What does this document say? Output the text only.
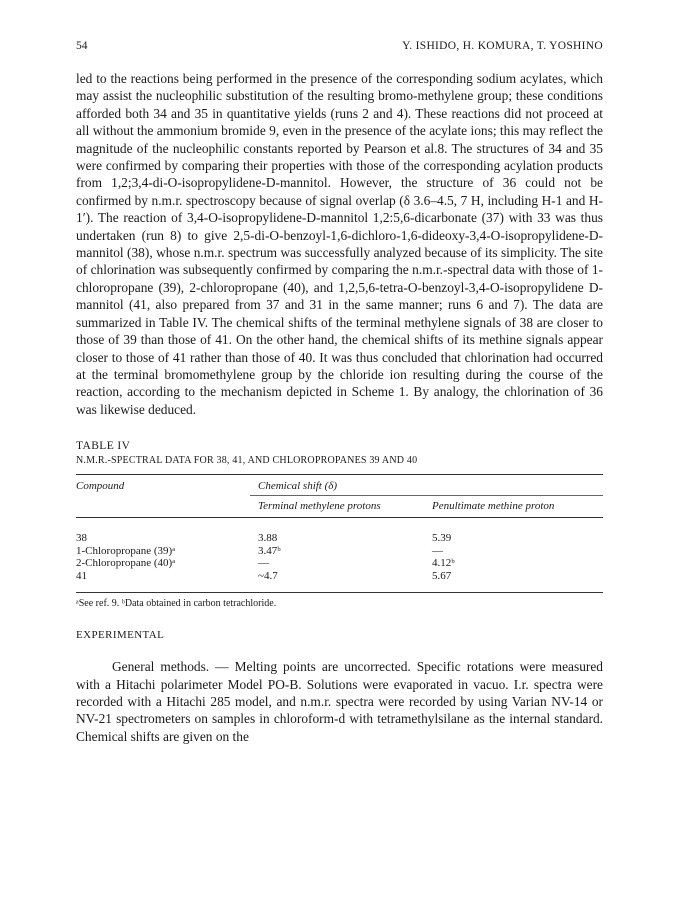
54	Y. ISHIDO, H. KOMURA, T. YOSHINO

led to the reactions being performed in the presence of the corresponding sodium acylates, which may assist the nucleophilic substitution of the resulting bromo-methylene group; these conditions afforded both 34 and 35 in quantitative yields (runs 2 and 4). These reactions did not proceed at all without the ammonium bromide 9, even in the presence of the acylate ions; this may reflect the magnitude of the nucleophilic constants reported by Pearson et al.8. The structures of 34 and 35 were confirmed by comparing their properties with those of the corresponding acylation products from 1,2;3,4-di-O-isopropylidene-D-mannitol. However, the structure of 36 could not be confirmed by n.m.r. spectroscopy because of signal overlap (δ 3.6–4.5, 7 H, including H-1 and H-1′). The reaction of 3,4-O-isopropylidene-D-mannitol 1,2:5,6-dicarbonate (37) with 33 was thus undertaken (run 8) to give 2,5-di-O-benzoyl-1,6-dichloro-1,6-dideoxy-3,4-O-isopropylidene-D-mannitol (38), whose n.m.r. spectrum was successfully analyzed because of its simplicity. The site of chlorination was subsequently confirmed by comparing the n.m.r.-spectral data with those of 1-chloropropane (39), 2-chloropropane (40), and 1,2,5,6-tetra-O-benzoyl-3,4-O-isopropylidene D-mannitol (41, also prepared from 37 and 31 in the same manner; runs 6 and 7). The data are summarized in Table IV. The chemical shifts of the terminal methylene signals of 38 are closer to those of 39 than those of 41. On the other hand, the chemical shifts of its methine signals appear closer to those of 41 rather than those of 40. It was thus concluded that chlorination had occurred at the terminal bromomethylene group by the chloride ion resulting during the course of the reaction, according to the mechanism depicted in Scheme 1. By analogy, the chlorination of 36 was likewise deduced.

TABLE IV
N.M.R.-SPECTRAL DATA FOR 38, 41, AND CHLOROPROPANES 39 AND 40
Compound	Chemical shift (δ)	
	Terminal methylene protons	Penultimate methine proton
38	3.88	5.39
1-Chloropropane (39)ᵃ	3.47ᵇ	—
2-Chloropropane (40)ᵃ	—	4.12ᵇ
41	~4.7	5.67
ᵃSee ref. 9. ᵇData obtained in carbon tetrachloride.
EXPERIMENTAL
General methods. — Melting points are uncorrected. Specific rotations were measured with a Hitachi polarimeter Model PO-B. Solutions were evaporated in vacuo. I.r. spectra were recorded with a Hitachi 285 model, and n.m.r. spectra were recorded by using Varian NV-14 or NV-21 spectrometers on samples in chloroform-d with tetramethylsilane as the internal standard. Chemical shifts are given on the
